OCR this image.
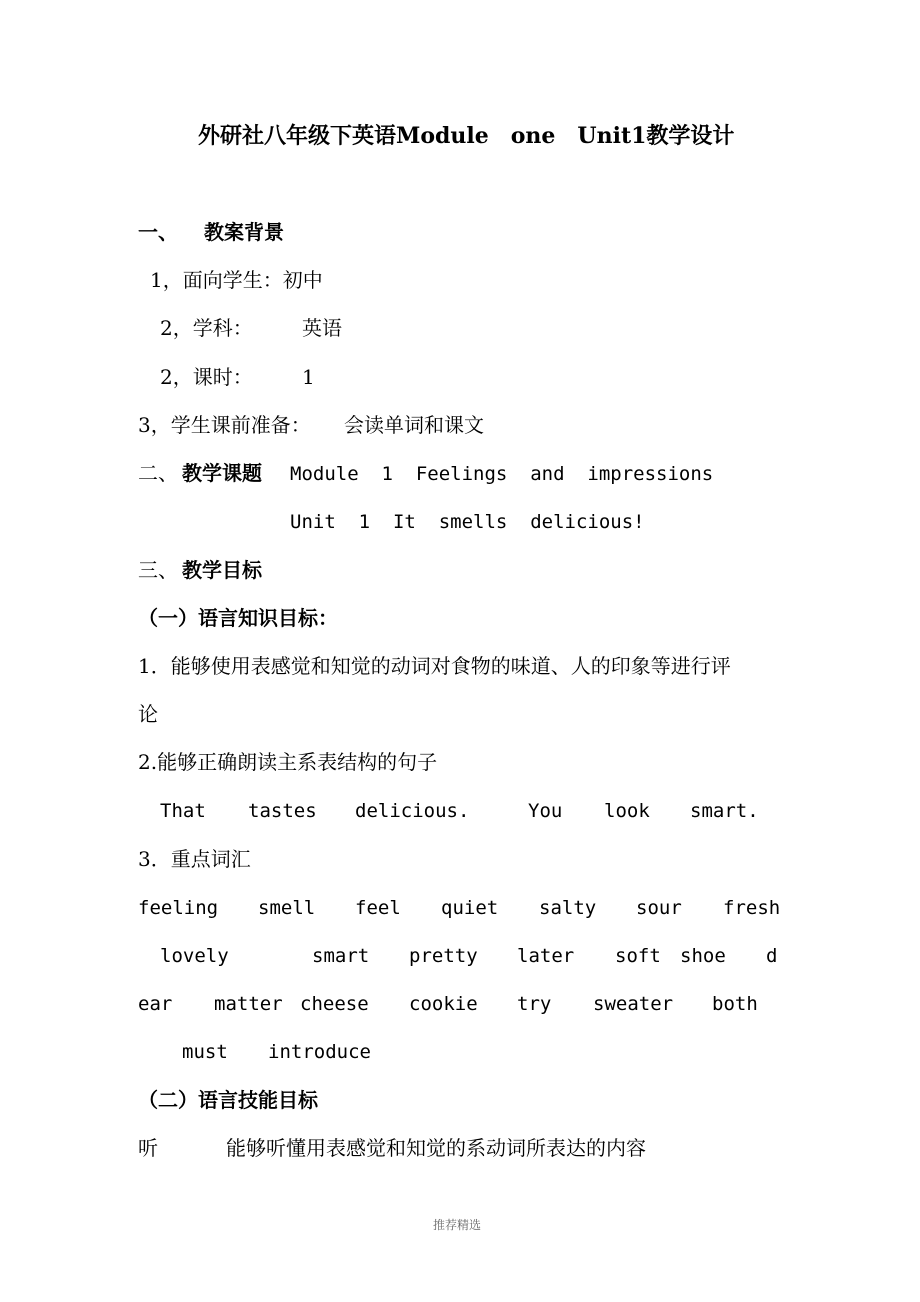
外研社八年级下英语Module　one　Unit1教学设计
一、 教案背景
1，面向学生：初中
2，学科： 英语
2，课时： 1
3，学生课前准备： 会读单词和课文
二、 教学课题 Module  1  Feelings  and  impressions
Unit  1  It  smells  delicious!
三、 教学目标
（一）语言知识目标：
1．能够使用表感觉和知觉的动词对食物的味道、人的印象等进行评
论
2.能够正确朗读主系表结构的句子
That tastes delicious.	You look smart.
3．重点词汇
feeling smell feel quiet salty sour fresh
lovely	smart pretty later soft shoe d
ear matter cheese cookie try sweater both
must introduce
（二）语言技能目标
听	能够听懂用表感觉和知觉的系动词所表达的内容
推荐精选
